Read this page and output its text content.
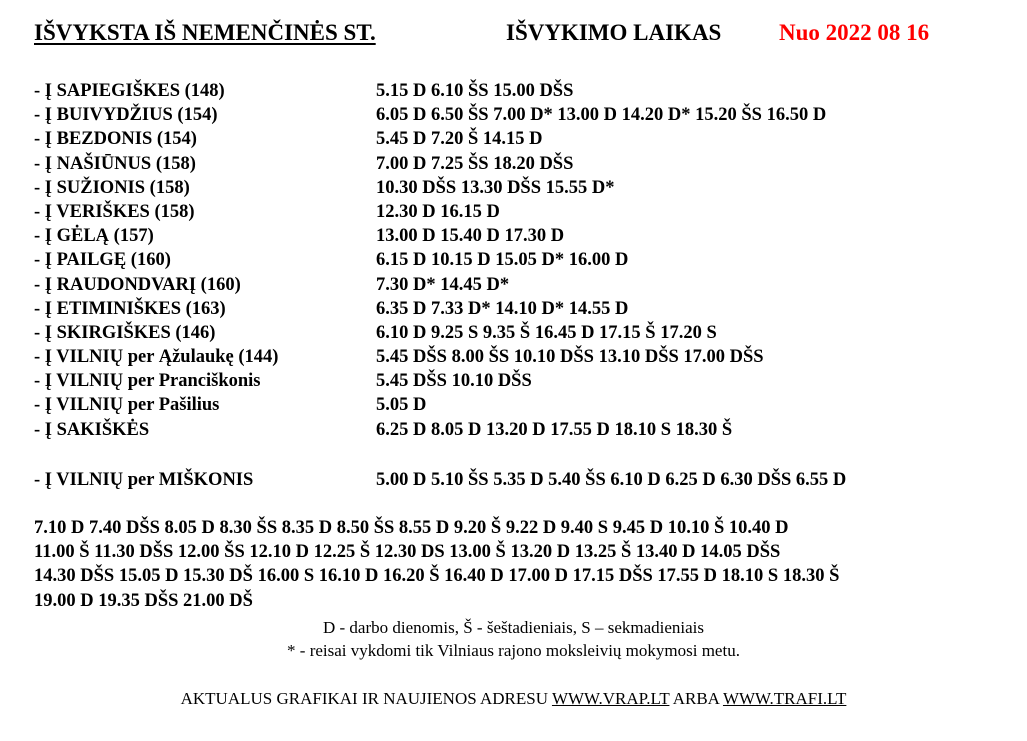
IŠVYKSTA IŠ NEMENČINĖS ST.	IŠVYKIMO LAIKAS	Nuo 2022 08 16
- Į SAPIEGIŠKES (148)	5.15 D 6.10 ŠS 15.00 DŠS
- Į BUIVYDŽIUS (154)	6.05 D 6.50 ŠS 7.00 D* 13.00 D 14.20 D* 15.20 ŠS 16.50 D
- Į BEZDONIS (154)	5.45 D 7.20 Š 14.15 D
- Į NAŠIŪNUS (158)	7.00 D 7.25 ŠS 18.20 DŠS
- Į SUŽIONIS (158)	10.30 DŠS 13.30 DŠS 15.55 D*
- Į VERIŠKES (158)	12.30 D 16.15 D
- Į GĖLĄ (157)	13.00 D 15.40 D 17.30 D
- Į PAILGĘ (160)	6.15 D 10.15 D 15.05 D* 16.00 D
- Į RAUDONDVARĮ (160)	7.30 D* 14.45 D*
- Į ETIMINIŠKES (163)	6.35 D 7.33 D* 14.10 D* 14.55 D
- Į SKIRGIŠKES (146)	6.10 D 9.25 S 9.35 Š 16.45 D 17.15 Š 17.20 S
- Į VILNIŲ per Ąžulaukę (144)	5.45 DŠS 8.00 ŠS 10.10 DŠS 13.10 DŠS 17.00 DŠS
- Į VILNIŲ per Pranciškonis	5.45 DŠS 10.10 DŠS
- Į VILNIŲ per Pašilius	5.05 D
- Į SAKIŠKĖS	6.25 D 8.05 D 13.20 D 17.55 D 18.10 S 18.30 Š
- Į VILNIŲ per MIŠKONIS	5.00 D 5.10 ŠS 5.35 D 5.40 ŠS 6.10 D 6.25 D 6.30 DŠS 6.55 D
7.10 D 7.40 DŠS 8.05 D 8.30 ŠS 8.35 D 8.50 ŠS 8.55 D 9.20 Š 9.22 D 9.40 S 9.45 D 10.10 Š 10.40 D
11.00 Š 11.30 DŠS 12.00 ŠS 12.10 D 12.25 Š 12.30 DS 13.00 Š 13.20 D 13.25 Š 13.40 D 14.05 DŠS
14.30 DŠS 15.05 D 15.30 DŠ 16.00 S 16.10 D 16.20 Š 16.40 D 17.00 D 17.15 DŠS 17.55 D 18.10 S 18.30 Š
19.00 D 19.35 DŠS 21.00 DŠ
D - darbo dienomis, Š - šeštadieniais, S – sekmadieniais
* - reisai vykdomi tik Vilniaus rajono moksleivių mokymosi metu.
AKTUALUS GRAFIKAI IR NAUJIENOS ADRESU WWW.VRAP.LT ARBA WWW.TRAFI.LT
